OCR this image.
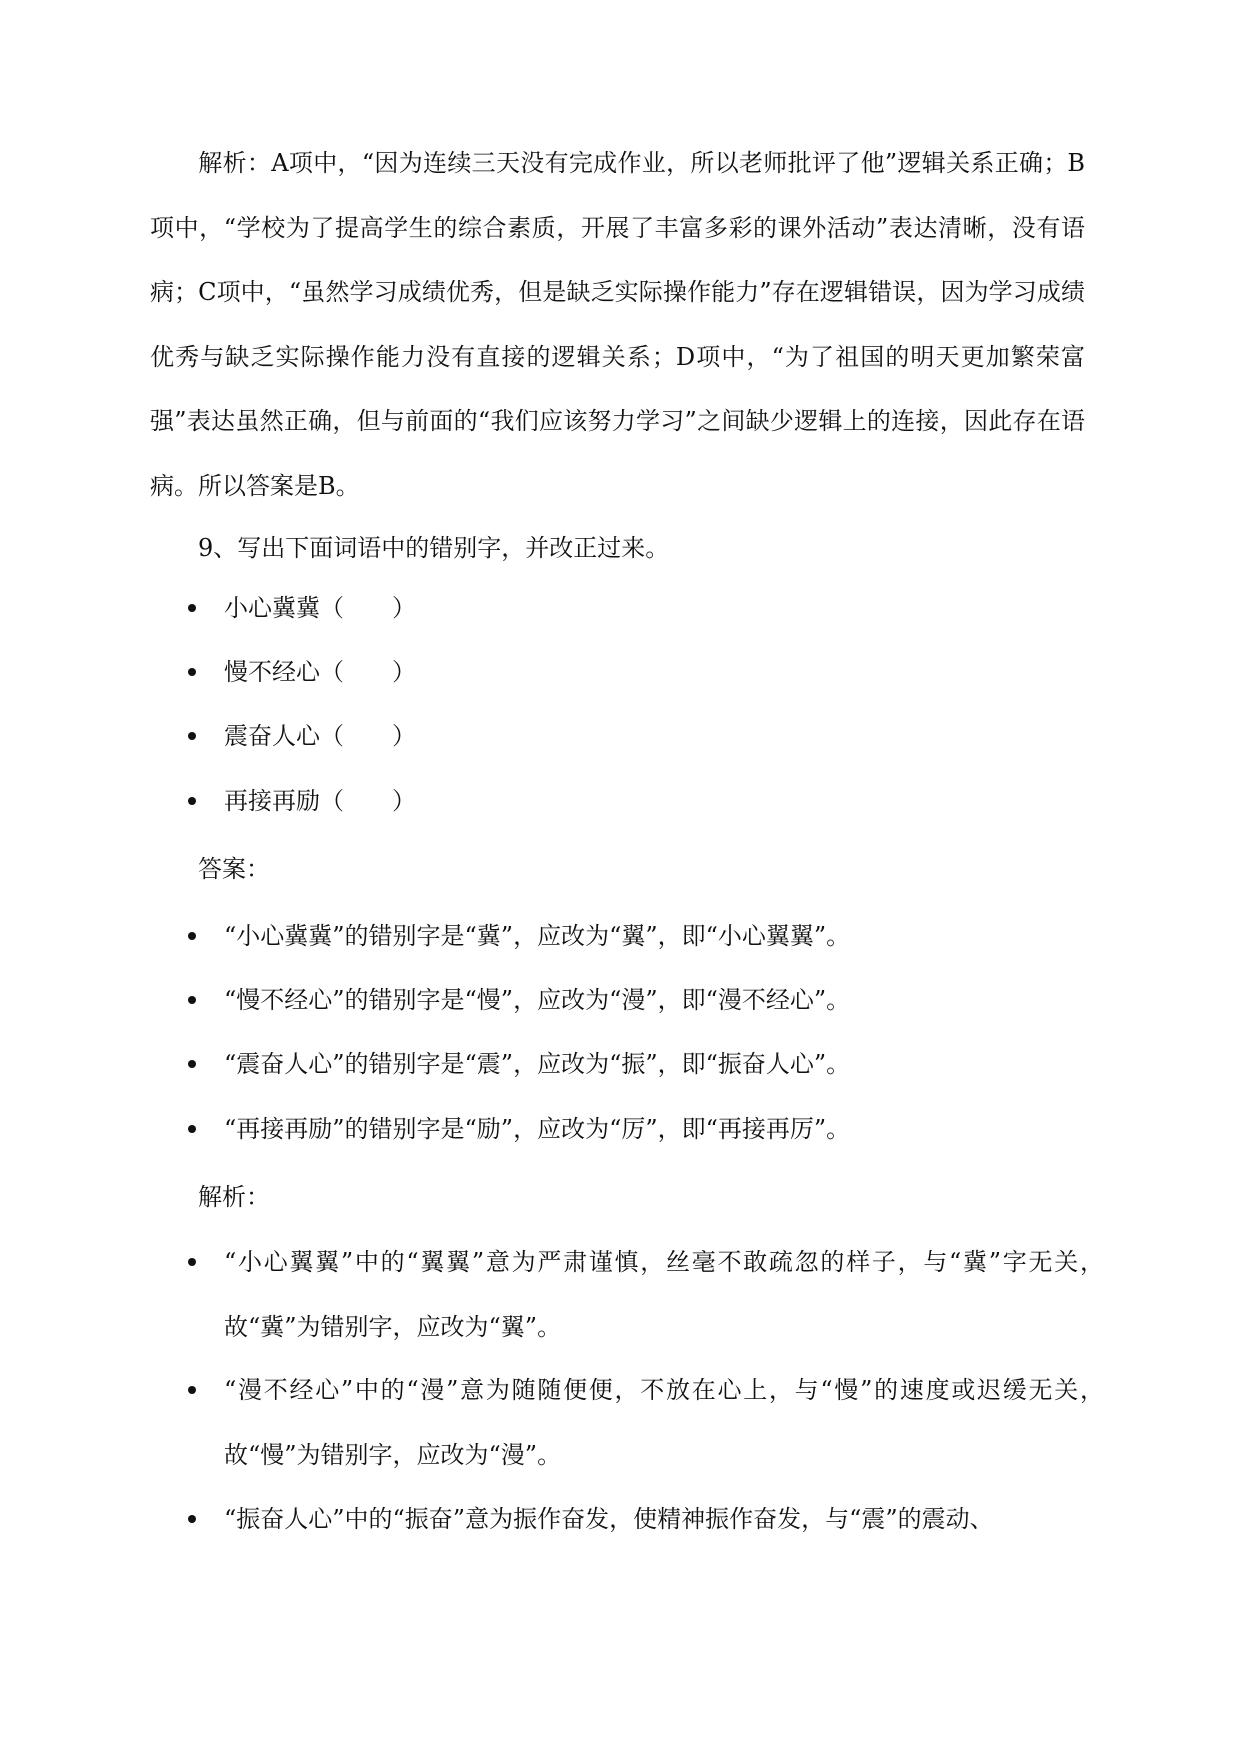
解析：A项中，“因为连续三天没有完成作业，所以老师批评了他”逻辑关系正确；B项中，“学校为了提高学生的综合素质，开展了丰富多彩的课外活动”表达清晰，没有语病；C项中，“虽然学习成绩优秀，但是缺乏实际操作能力”存在逻辑错误，因为学习成绩优秀与缺乏实际操作能力没有直接的逻辑关系；D项中，“为了祖国的明天更加繁荣富强”表达虽然正确，但与前面的“我们应该努力学习”之间缺少逻辑上的连接，因此存在语病。所以答案是B。

9、写出下面词语中的错别字，并改正过来。

小心冀冀（　　）

慢不经心（　　）

震奋人心（　　）

再接再励（　　）

答案：

“小心冀冀”的错别字是“冀”，应改为“翼”，即“小心翼翼”。

“慢不经心”的错别字是“慢”，应改为“漫”，即“漫不经心”。

“震奋人心”的错别字是“震”，应改为“振”，即“振奋人心”。

“再接再励”的错别字是“励”，应改为“厉”，即“再接再厉”。

解析：

“小心翼翼”中的“翼翼”意为严肃谨慎，丝毫不敢疏忽的样子，与“冀”字无关，故“冀”为错别字，应改为“翼”。

“漫不经心”中的“漫”意为随随便便，不放在心上，与“慢”的速度或迟缓无关，故“慢”为错别字，应改为“漫”。

“振奋人心”中的“振奋”意为振作奋发，使精神振作奋发，与“震”的震动、
